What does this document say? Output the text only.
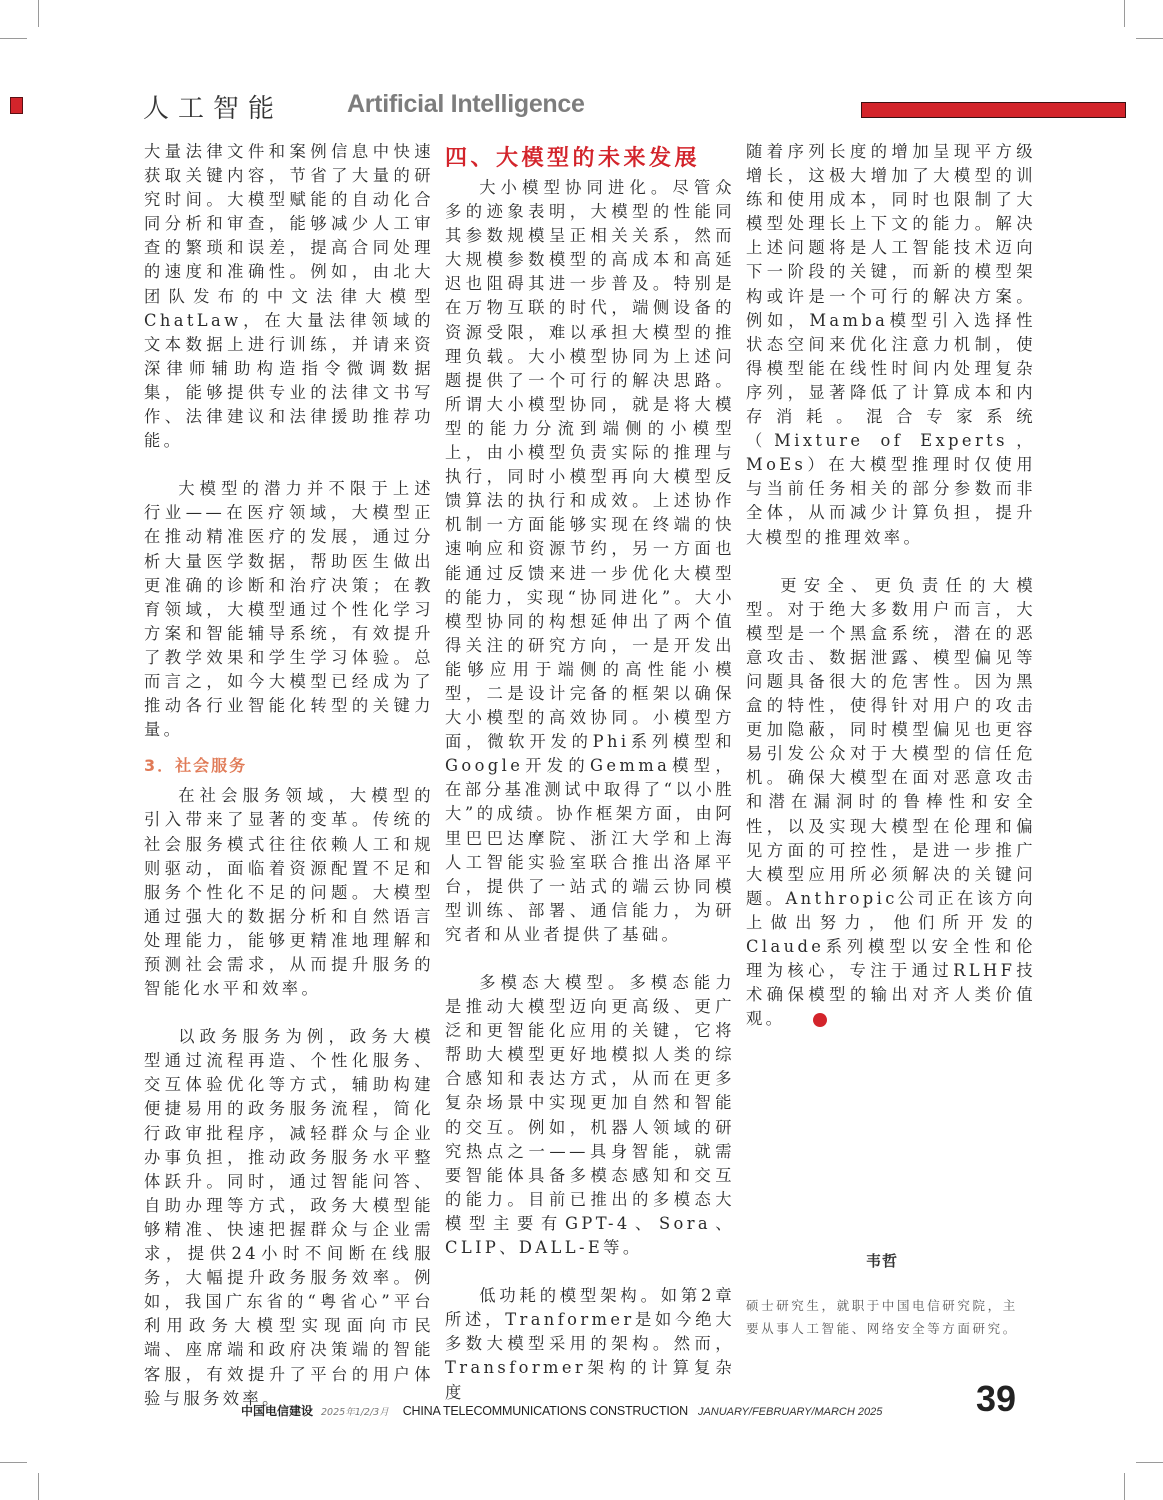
人工智能	Artificial Intelligence

大量法律文件和案例信息中快速获取关键内容，节省了大量的研究时间。大模型赋能的自动化合同分析和审查，能够减少人工审查的繁琐和误差，提高合同处理的速度和准确性。例如，由北大团队发布的中文法律大模型ChatLaw，在大量法律领域的文本数据上进行训练，并请来资深律师辅助构造指令微调数据集，能够提供专业的法律文书写作、法律建议和法律援助推荐功能。

大模型的潜力并不限于上述行业——在医疗领域，大模型正在推动精准医疗的发展，通过分析大量医学数据，帮助医生做出更准确的诊断和治疗决策；在教育领域，大模型通过个性化学习方案和智能辅导系统，有效提升了教学效果和学生学习体验。总而言之，如今大模型已经成为了推动各行业智能化转型的关键力量。

3．社会服务

在社会服务领域，大模型的引入带来了显著的变革。传统的社会服务模式往往依赖人工和规则驱动，面临着资源配置不足和服务个性化不足的问题。大模型通过强大的数据分析和自然语言处理能力，能够更精准地理解和预测社会需求，从而提升服务的智能化水平和效率。

以政务服务为例，政务大模型通过流程再造、个性化服务、交互体验优化等方式，辅助构建便捷易用的政务服务流程，简化行政审批程序，减轻群众与企业办事负担，推动政务服务水平整体跃升。同时，通过智能问答、自助办理等方式，政务大模型能够精准、快速把握群众与企业需求，提供24小时不间断在线服务，大幅提升政务服务效率。例如，我国广东省的“粤省心”平台利用政务大模型实现面向市民端、座席端和政府决策端的智能客服，有效提升了平台的用户体验与服务效率。

四、大模型的未来发展

大小模型协同进化。尽管众多的迹象表明，大模型的性能同其参数规模呈正相关关系，然而大规模参数模型的高成本和高延迟也阻碍其进一步普及。特别是在万物互联的时代，端侧设备的资源受限，难以承担大模型的推理负载。大小模型协同为上述问题提供了一个可行的解决思路。所谓大小模型协同，就是将大模型的能力分流到端侧的小模型上，由小模型负责实际的推理与执行，同时小模型再向大模型反馈算法的执行和成效。上述协作机制一方面能够实现在终端的快速响应和资源节约，另一方面也能通过反馈来进一步优化大模型的能力，实现“协同进化”。大小模型协同的构想延伸出了两个值得关注的研究方向，一是开发出能够应用于端侧的高性能小模型，二是设计完备的框架以确保大小模型的高效协同。小模型方面，微软开发的Phi系列模型和Google开发的Gemma模型，在部分基准测试中取得了“以小胜大”的成绩。协作框架方面，由阿里巴巴达摩院、浙江大学和上海人工智能实验室联合推出洛犀平台，提供了一站式的端云协同模型训练、部署、通信能力，为研究者和从业者提供了基础。

多模态大模型。多模态能力是推动大模型迈向更高级、更广泛和更智能化应用的关键，它将帮助大模型更好地模拟人类的综合感知和表达方式，从而在更多复杂场景中实现更加自然和智能的交互。例如，机器人领域的研究热点之一——具身智能，就需要智能体具备多模态感知和交互的能力。目前已推出的多模态大模型主要有GPT-4、Sora、CLIP、DALL-E等。

低功耗的模型架构。如第2章所述，Tranformer是如今绝大多数大模型采用的架构。然而，Transformer架构的计算复杂度

随着序列长度的增加呈现平方级增长，这极大增加了大模型的训练和使用成本，同时也限制了大模型处理长上下文的能力。解决上述问题将是人工智能技术迈向下一阶段的关键，而新的模型架构或许是一个可行的解决方案。例如，Mamba模型引入选择性状态空间来优化注意力机制，使得模型能在线性时间内处理复杂序列，显著降低了计算成本和内存消耗。混合专家系统（Mixture of Experts，MoEs）在大模型推理时仅使用与当前任务相关的部分参数而非全体，从而减少计算负担，提升大模型的推理效率。

更安全、更负责任的大模型。对于绝大多数用户而言，大模型是一个黑盒系统，潜在的恶意攻击、数据泄露、模型偏见等问题具备很大的危害性。因为黑盒的特性，使得针对用户的攻击更加隐蔽，同时模型偏见也更容易引发公众对于大模型的信任危机。确保大模型在面对恶意攻击和潜在漏洞时的鲁棒性和安全性，以及实现大模型在伦理和偏见方面的可控性，是进一步推广大模型应用所必须解决的关键问题。Anthropic公司正在该方向上做出努力，他们所开发的Claude系列模型以安全性和伦理为核心，专注于通过RLHF技术确保模型的输出对齐人类价值观。	CTC

韦哲
硕士研究生，就职于中国电信研究院，主要从事人工智能、网络安全等方面研究。
中国电信建设 2025年1/2/3月 CHINA TELECOMMUNICATIONS CONSTRUCTION JANUARY/FEBRUARY/MARCH 2025	39
